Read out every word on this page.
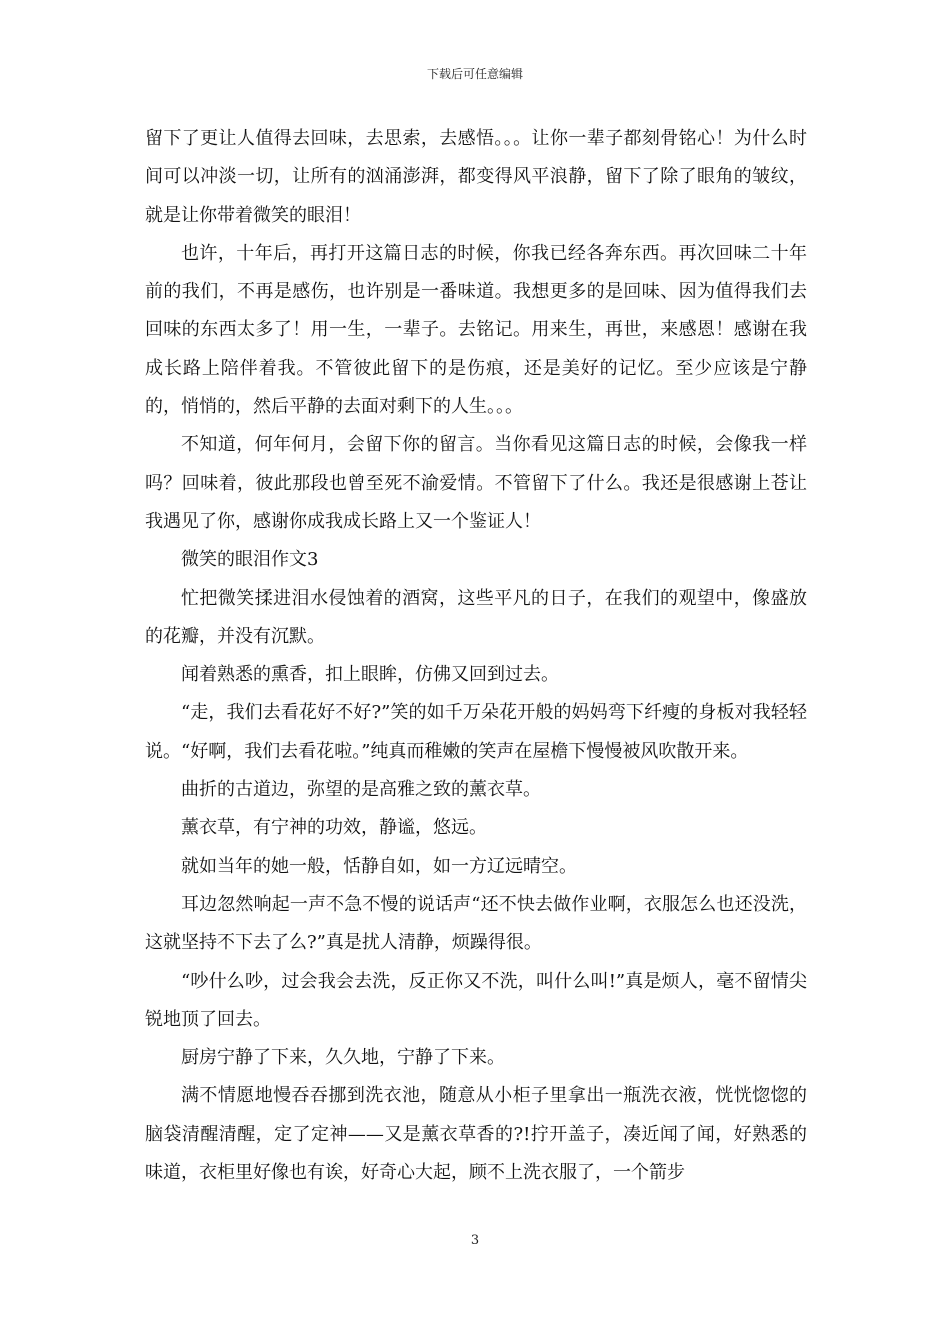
下载后可任意编辑

留下了更让人值得去回味，去思索，去感悟。。。让你一辈子都刻骨铭心！为什么时间可以冲淡一切，让所有的汹涌澎湃，都变得风平浪静，留下了除了眼角的皱纹，就是让你带着微笑的眼泪！

也许，十年后，再打开这篇日志的时候，你我已经各奔东西。再次回味二十年前的我们，不再是感伤，也许别是一番味道。我想更多的是回味、因为值得我们去回味的东西太多了！用一生，一辈子。去铭记。用来生，再世，来感恩！感谢在我成长路上陪伴着我。不管彼此留下的是伤痕，还是美好的记忆。至少应该是宁静的，悄悄的，然后平静的去面对剩下的人生。。。

不知道，何年何月，会留下你的留言。当你看见这篇日志的时候，会像我一样吗？回味着，彼此那段也曾至死不渝爱情。不管留下了什么。我还是很感谢上苍让我遇见了你，感谢你成我成长路上又一个鉴证人！

微笑的眼泪作文3

忙把微笑揉进泪水侵蚀着的酒窝，这些平凡的日子，在我们的观望中，像盛放的花瓣，并没有沉默。

闻着熟悉的熏香，扣上眼眸，仿佛又回到过去。

“走，我们去看花好不好?”笑的如千万朵花开般的妈妈弯下纤瘦的身板对我轻轻说。“好啊，我们去看花啦。”纯真而稚嫩的笑声在屋檐下慢慢被风吹散开来。

曲折的古道边，弥望的是高雅之致的薰衣草。

薰衣草，有宁神的功效，静谧，悠远。

就如当年的她一般，恬静自如，如一方辽远晴空。

耳边忽然响起一声不急不慢的说话声“还不快去做作业啊，衣服怎么也还没洗，这就坚持不下去了么?”真是扰人清静，烦躁得很。

“吵什么吵，过会我会去洗，反正你又不洗，叫什么叫!”真是烦人，毫不留情尖锐地顶了回去。

厨房宁静了下来，久久地，宁静了下来。

满不情愿地慢吞吞挪到洗衣池，随意从小柜子里拿出一瓶洗衣液，恍恍惚惚的脑袋清醒清醒，定了定神——又是薰衣草香的?!拧开盖子，凑近闻了闻，好熟悉的味道，衣柜里好像也有诶，好奇心大起，顾不上洗衣服了，一个箭步

3
